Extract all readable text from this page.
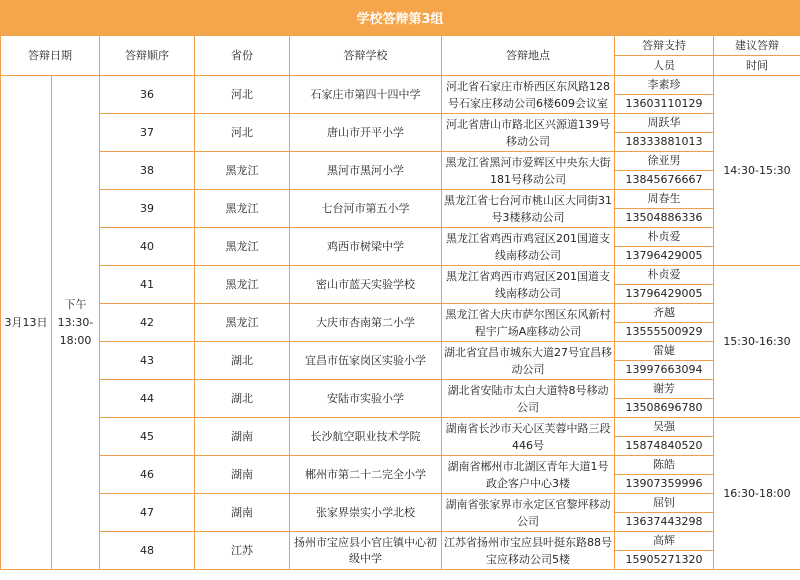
学校答辩第3组
答辩日期		答辩顺序	省份	答辩学校	答辩地点	答辩支持	建议答辩
						人员	时间
3月13日	下午
13:30-
18:00	36	河北	石家庄市第四十四中学	河北省石家庄市桥西区东风路128号石家庄移动公司6楼609会议室	李素珍
13603110129	14:30-15:30
		37	河北	唐山市开平小学	河北省唐山市路北区兴源道139号移动公司	周跃华
18333881013	

		38	黑龙江	黑河市黑河小学	黑龙江省黑河市爱辉区中央东大街181号移动公司	徐亚男
13845676667	

		39	黑龙江	七台河市第五小学	黑龙江省七台河市桃山区大同街31号3楼移动公司	周春生
13504886336	

		40	黑龙江	鸡西市树梁中学	黑龙江省鸡西市鸡冠区201国道支线南移动公司	朴贞爱
13796429005	

		41	黑龙江	密山市蓝天实验学校	黑龙江省鸡西市鸡冠区201国道支线南移动公司	朴贞爱
13796429005	15:30-16:30
		42	黑龙江	大庆市杏南第二小学	黑龙江省大庆市萨尔图区东风新村程宇广场A座移动公司	齐越
13555500929	

		43	湖北	宜昌市伍家岗区实验小学	湖北省宜昌市城东大道27号宜昌移动公司	雷婕
13997663094	

		44	湖北	安陆市实验小学	湖北省安陆市太白大道特8号移动公司	谢芳
13508696780	

		45	湖南	长沙航空职业技术学院	湖南省长沙市天心区芙蓉中路三段446号	吴强
15874840520	16:30-18:00
		46	湖南	郴州市第二十二完全小学	湖南省郴州市北湖区青年大道1号政企客户中心3楼	陈皓
13907359996	

		47	湖南	张家界崇实小学北校	湖南省张家界市永定区官黎坪移动公司	屈钊
13637443298	

		48	江苏	扬州市宝应县小官庄镇中心初级中学	江苏省扬州市宝应县叶挺东路88号宝应移动公司5楼	高辉
15905271320	
